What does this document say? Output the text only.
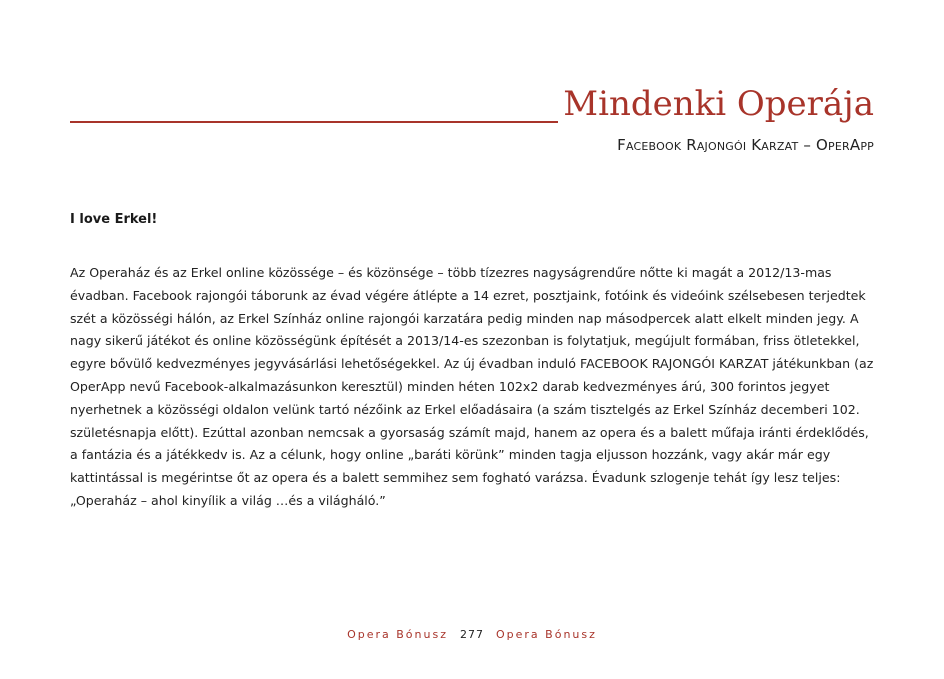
Mindenki Operája
Facebook Rajongói Karzat – OperApp
I love Erkel!

Az Operaház és az Erkel online közössége – és közönsége – több tízezres nagyságrendűre nőtte ki magát a 2012/13-mas évadban. Facebook rajongói táborunk az évad végére átlépte a 14 ezret, posztjaink, fotóink és videóink szélsebesen terjedtek szét a közösségi hálón, az Erkel Színház online rajongói karzatára pedig minden nap másodpercek alatt elkelt minden jegy. A nagy sikerű játékot és online közösségünk építését a 2013/14-es szezonban is folytatjuk, megújult formában, friss ötletekkel, egyre bővülő kedvezményes jegyvásárlási lehetőségekkel. Az új évadban induló FACEBOOK RAJONGÓI KARZAT játékunkban (az OperApp nevű Facebook-alkalmazásunkon keresztül) minden héten 102x2 darab kedvezményes árú, 300 forintos jegyet nyerhetnek a közösségi oldalon velünk tartó nézőink az Erkel előadásaira (a szám tisztelgés az Erkel Színház decemberi 102. születésnapja előtt). Ezúttal azonban nemcsak a gyorsaság számít majd, hanem az opera és a balett műfaja iránti érdeklődés, a fantázia és a játékkedv is. Az a célunk, hogy online „baráti körünk” minden tagja eljusson hozzánk, vagy akár már egy kattintással is megérintse őt az opera és a balett semmihez sem fogható varázsa. Évadunk szlogenje tehát így lesz teljes: „Operaház – ahol kinyílik a világ …és a világháló.”

Opera Bónusz 277 Opera Bónusz
